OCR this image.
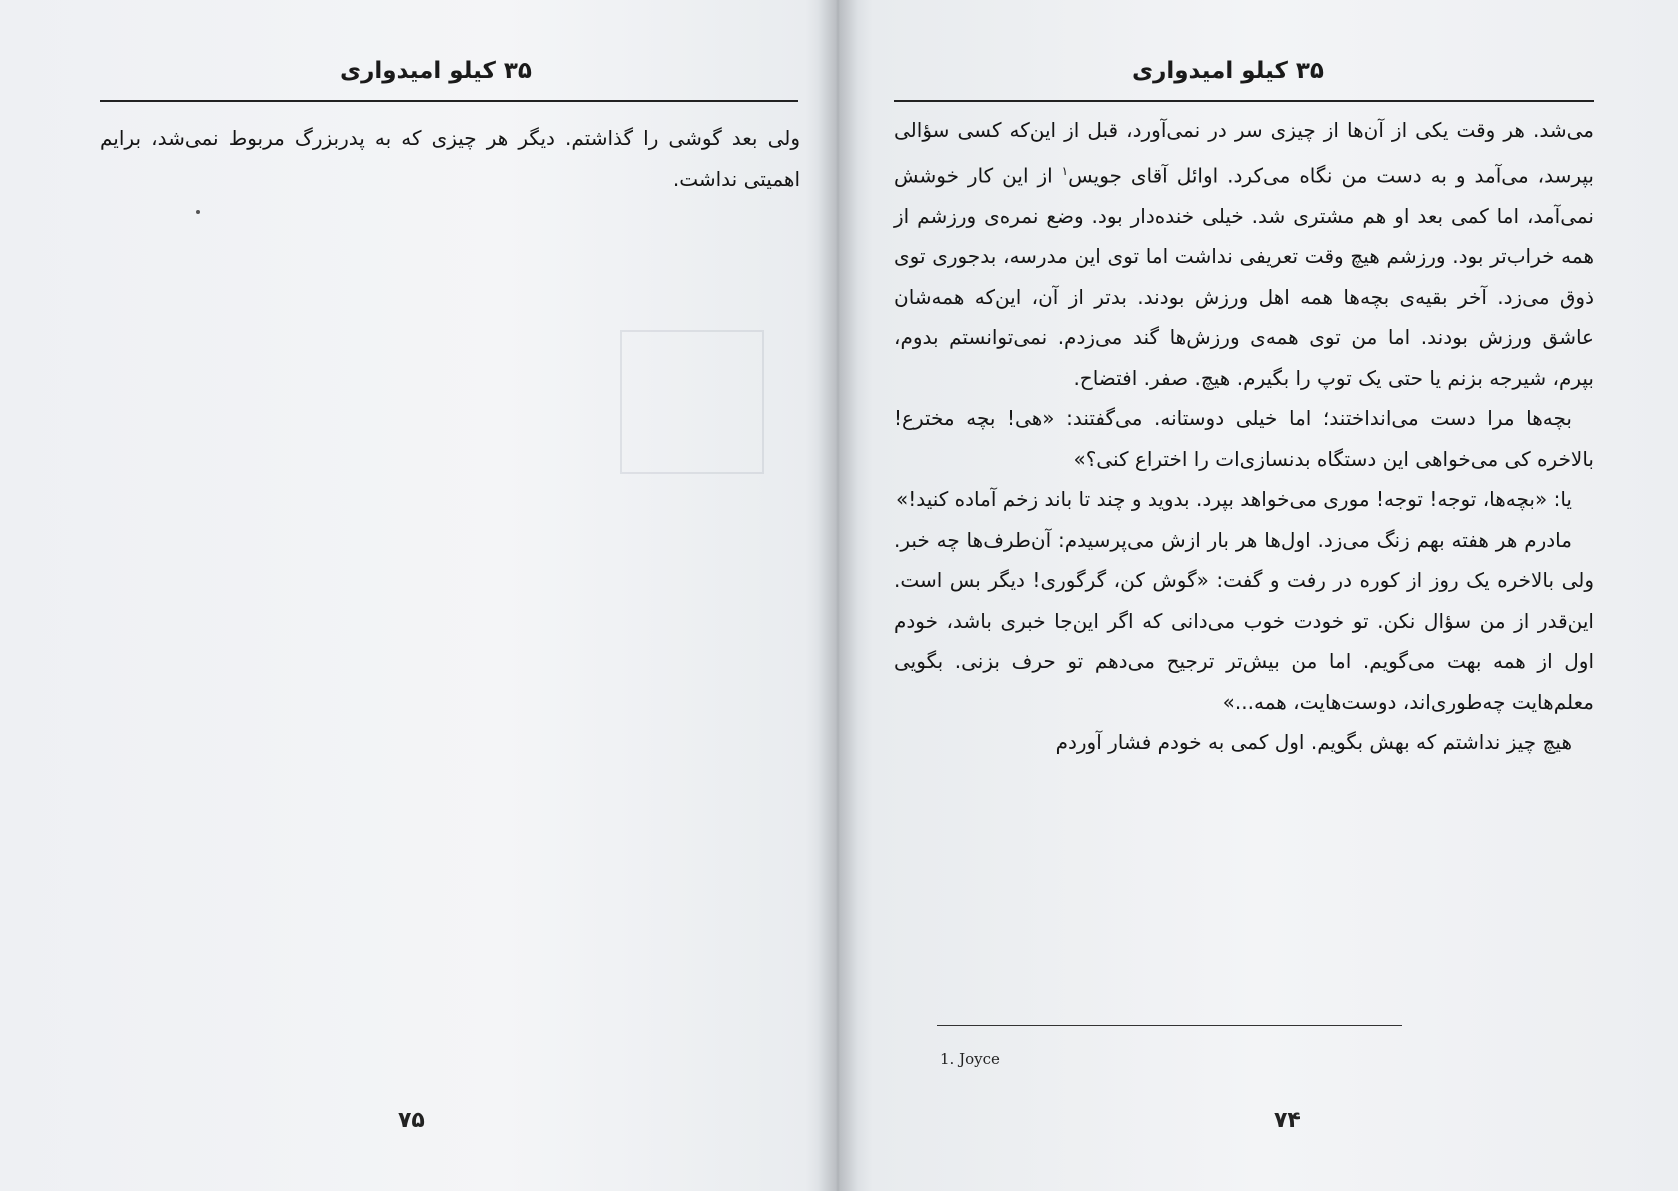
۳۵ کیلو امیدواری

ولی بعد گوشی را گذاشتم. دیگر هر چیزی که به پدربزرگ مربوط نمی‌شد، برایم اهمیتی نداشت.

۷۵
۳۵ کیلو امیدواری

می‌شد. هر وقت یکی از آن‌ها از چیزی سر در نمی‌آورد، قبل از این‌که کسی سؤالی بپرسد، می‌آمد و به دست من نگاه می‌کرد. اوائل آقای جویس$^۱$ از این کار خوشش نمی‌آمد، اما کمی بعد او هم مشتری شد. خیلی خنده‌دار بود. وضع نمره‌ی ورزشم از همه خراب‌تر بود. ورزشم هیچ وقت تعریفی نداشت اما توی این مدرسه، بدجوری توی ذوق می‌زد. آخر بقیه‌ی بچه‌ها همه اهل ورزش بودند. بدتر از آن، این‌که همه‌شان عاشق ورزش بودند. اما من توی همه‌ی ورزش‌ها گند می‌زدم. نمی‌توانستم بدوم، بپرم، شیرجه بزنم یا حتی یک توپ را بگیرم. هیچ. صفر. افتضاح.

بچه‌ها مرا دست می‌انداختند؛ اما خیلی دوستانه. می‌گفتند: «هی! بچه مخترع! بالاخره کی می‌خواهی این دستگاه بدنسازی‌ات را اختراع کنی؟»

یا: «بچه‌ها، توجه! توجه! موری می‌خواهد بپرد. بدوید و چند تا باند زخم آماده کنید!»

مادرم هر هفته بهم زنگ می‌زد. اول‌ها هر بار ازش می‌پرسیدم: آن‌طرف‌ها چه خبر. ولی بالاخره یک روز از کوره در رفت و گفت: «گوش کن، گرگوری! دیگر بس است. این‌قدر از من سؤال نکن. تو خودت خوب می‌دانی که اگر این‌جا خبری باشد، خودم اول از همه بهت می‌گویم. اما من بیش‌تر ترجیح می‌دهم تو حرف بزنی. بگویی معلم‌هایت چه‌طوری‌اند، دوست‌هایت، همه...»

هیچ چیز نداشتم که بهش بگویم. اول کمی به خودم فشار آوردم

1. Joyce
۷۴
